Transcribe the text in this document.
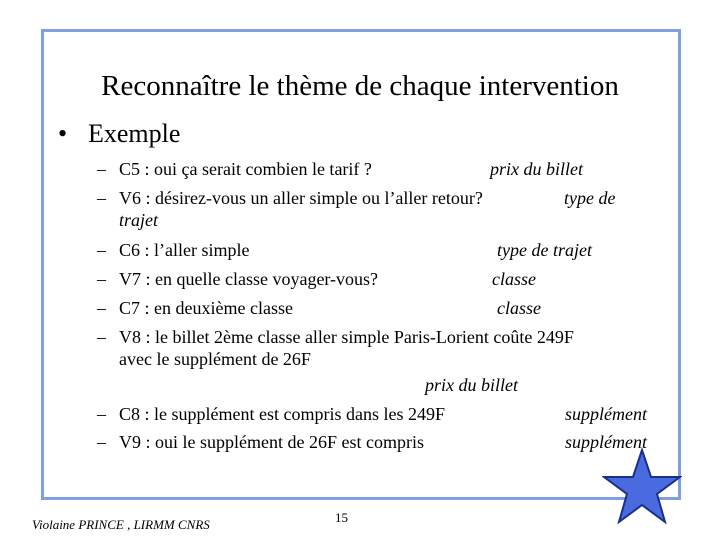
Reconnaître le thème de chaque intervention
• Exemple
– C5 : oui ça serait combien le tarif ?	prix du billet
– V6 : désirez-vous un aller simple ou l’aller retour?	type de
trajet
– C6 : l’aller simple	type de trajet
– V7 : en quelle classe voyager-vous?	classe
– C7 : en deuxième classe	classe
– V8 : le billet 2ème classe aller simple Paris-Lorient coûte 249F
avec le supplément de 26F
prix du billet
– C8 : le supplément est compris dans les 249F	supplément
– V9 : oui le supplément de 26F est compris	supplément
Violaine PRINCE , LIRMM CNRS	15
